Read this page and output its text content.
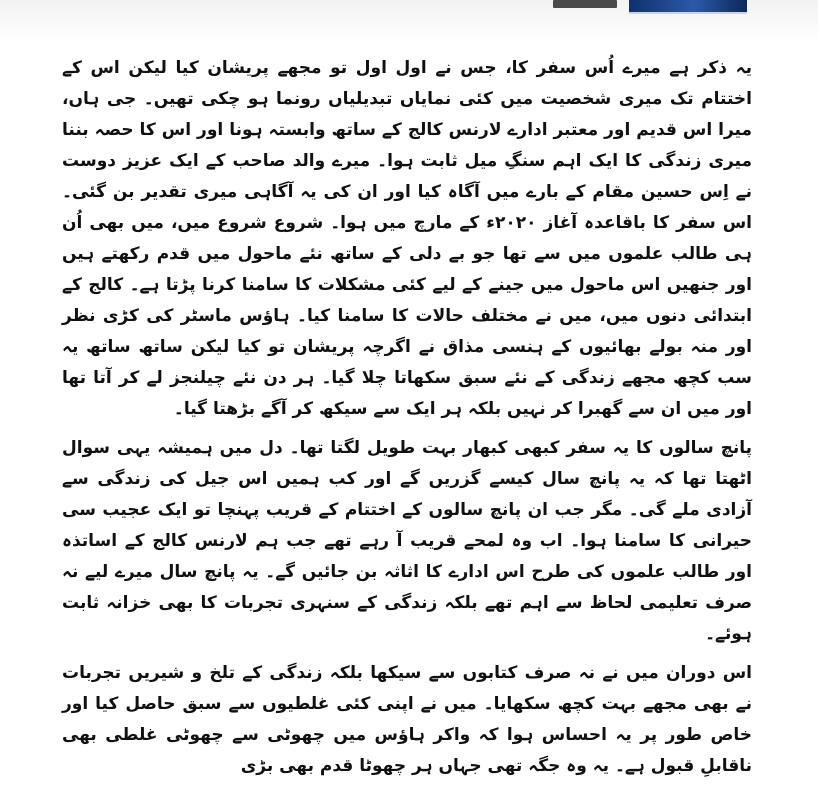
یہ ذکر ہے میرے اُس سفر کا، جس نے اول اول تو مجھے پریشان کیا لیکن اس کے اختتام تک میری شخصیت میں کئی نمایاں تبدیلیاں رونما ہو چکی تھیں۔ جی ہاں، میرا اس قدیم اور معتبر ادارے لارنس کالج کے ساتھ وابستہ ہونا اور اس کا حصہ بننا میری زندگی کا ایک اہم سنگِ میل ثابت ہوا۔ میرے والد صاحب کے ایک عزیز دوست نے اِس حسین مقام کے بارے میں آگاہ کیا اور ان کی یہ آگاہی میری تقدیر بن گئی۔ اس سفر کا باقاعدہ آغاز ۲۰۲۰ء کے مارچ میں ہوا۔ شروع شروع میں، میں بھی اُن ہی طالب علموں میں سے تھا جو بے دلی کے ساتھ نئے ماحول میں قدم رکھتے ہیں اور جنھیں اس ماحول میں جینے کے لیے کئی مشکلات کا سامنا کرنا پڑتا ہے۔ کالج کے ابتدائی دنوں میں، میں نے مختلف حالات کا سامنا کیا۔ ہاؤس ماسٹر کی کڑی نظر اور منہ بولے بھائیوں کے ہنسی مذاق نے اگرچہ پریشان تو کیا لیکن ساتھ ساتھ یہ سب کچھ مجھے زندگی کے نئے سبق سکھاتا چلا گیا۔ ہر دن نئے چیلنجز لے کر آتا تھا اور میں ان سے گھبرا کر نہیں بلکہ ہر ایک سے سیکھ کر آگے بڑھتا گیا۔

پانچ سالوں کا یہ سفر کبھی کبھار بہت طویل لگتا تھا۔ دل میں ہمیشہ یہی سوال اٹھتا تھا کہ یہ پانچ سال کیسے گزریں گے اور کب ہمیں اس جیل کی زندگی سے آزادی ملے گی۔ مگر جب ان پانچ سالوں کے اختتام کے قریب پہنچا تو ایک عجیب سی حیرانی کا سامنا ہوا۔ اب وہ لمحے قریب آ رہے تھے جب ہم لارنس کالج کے اساتذہ اور طالب علموں کی طرح اس ادارے کا اثاثہ بن جائیں گے۔ یہ پانچ سال میرے لیے نہ صرف تعلیمی لحاظ سے اہم تھے بلکہ زندگی کے سنہری تجربات کا بھی خزانہ ثابت ہوئے۔

اس دوران میں نے نہ صرف کتابوں سے سیکھا بلکہ زندگی کے تلخ و شیریں تجربات نے بھی مجھے بہت کچھ سکھایا۔ میں نے اپنی کئی غلطیوں سے سبق حاصل کیا اور خاص طور پر یہ احساس ہوا کہ واکر ہاؤس میں چھوٹی سے چھوٹی غلطی بھی ناقابلِ قبول ہے۔ یہ وہ جگہ تھی جہاں ہر چھوٹا قدم بھی بڑی
